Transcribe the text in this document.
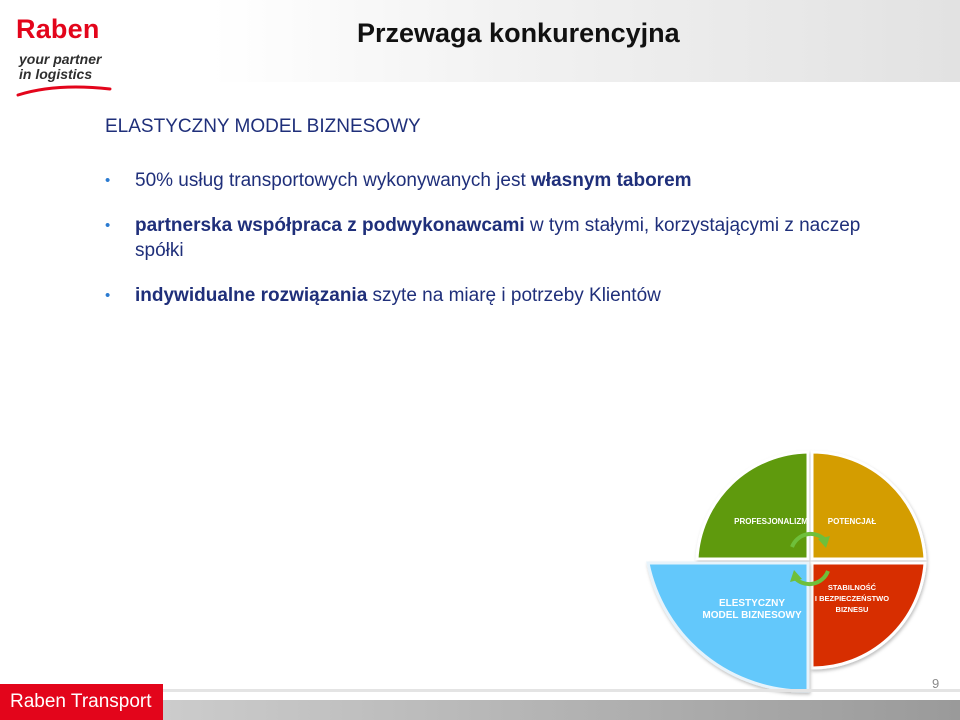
Raben
your partner
in logistics
Przewaga konkurencyjna
ELASTYCZNY MODEL BIZNESOWY
• 50% usług transportowych wykonywanych jest własnym taborem
• partnerska współpraca z podwykonawcami w tym stałymi, korzystającymi z naczep spółki
• indywidualne rozwiązania szyte na miarę i potrzeby Klientów
PROFESJONALIZM POTENCJAŁ
STABILNOŚĆ
I BEZPIECZEŃSTWO
BIZNESU
ELESTYCZNY
MODEL BIZNESOWY
Raben Transport
9
